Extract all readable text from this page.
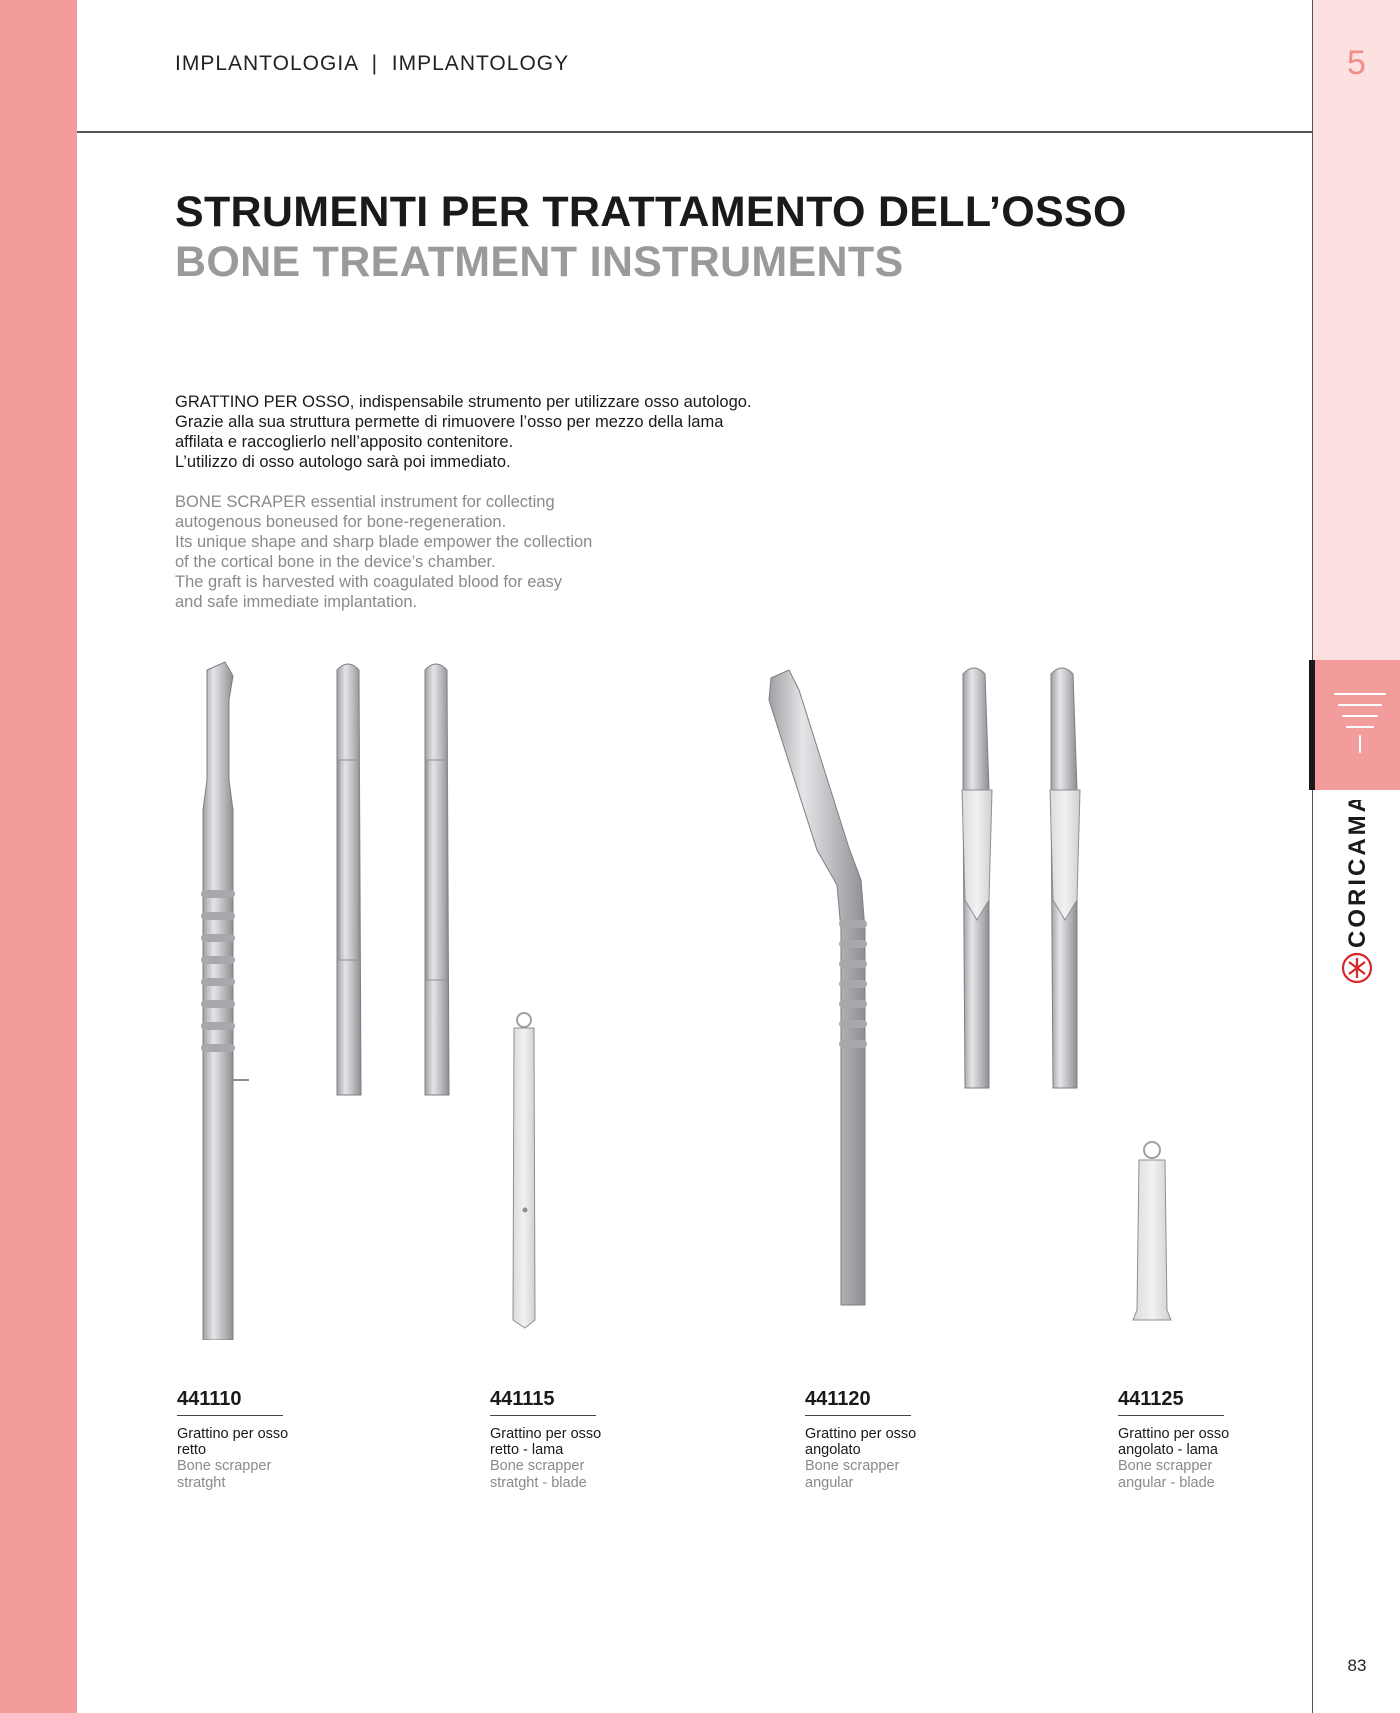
IMPLANTOLOGIA  |  IMPLANTOLOGY	5
83
CORICAMA
STRUMENTI PER TRATTAMENTO DELL’OSSO
BONE TREATMENT INSTRUMENTS
GRATTINO PER OSSO, indispensabile strumento per utilizzare osso autologo.
Grazie alla sua struttura permette di rimuovere l’osso per mezzo della lama
affilata e raccoglierlo nell’apposito contenitore.
L’utilizzo di osso autologo sarà poi immediato.
BONE SCRAPER essential instrument for collecting
autogenous boneused for bone-regeneration.
Its unique shape and sharp blade empower the collection
of the cortical bone in the device’s chamber.
The graft is harvested with coagulated blood for easy
and safe immediate implantation.
441110
Grattino per osso
retto
Bone scrapper
stratght
441115
Grattino per osso
retto - lama
Bone scrapper
stratght - blade
441120
Grattino per osso
angolato
Bone scrapper
angular
441125
Grattino per osso
angolato - lama
Bone scrapper
angular - blade
